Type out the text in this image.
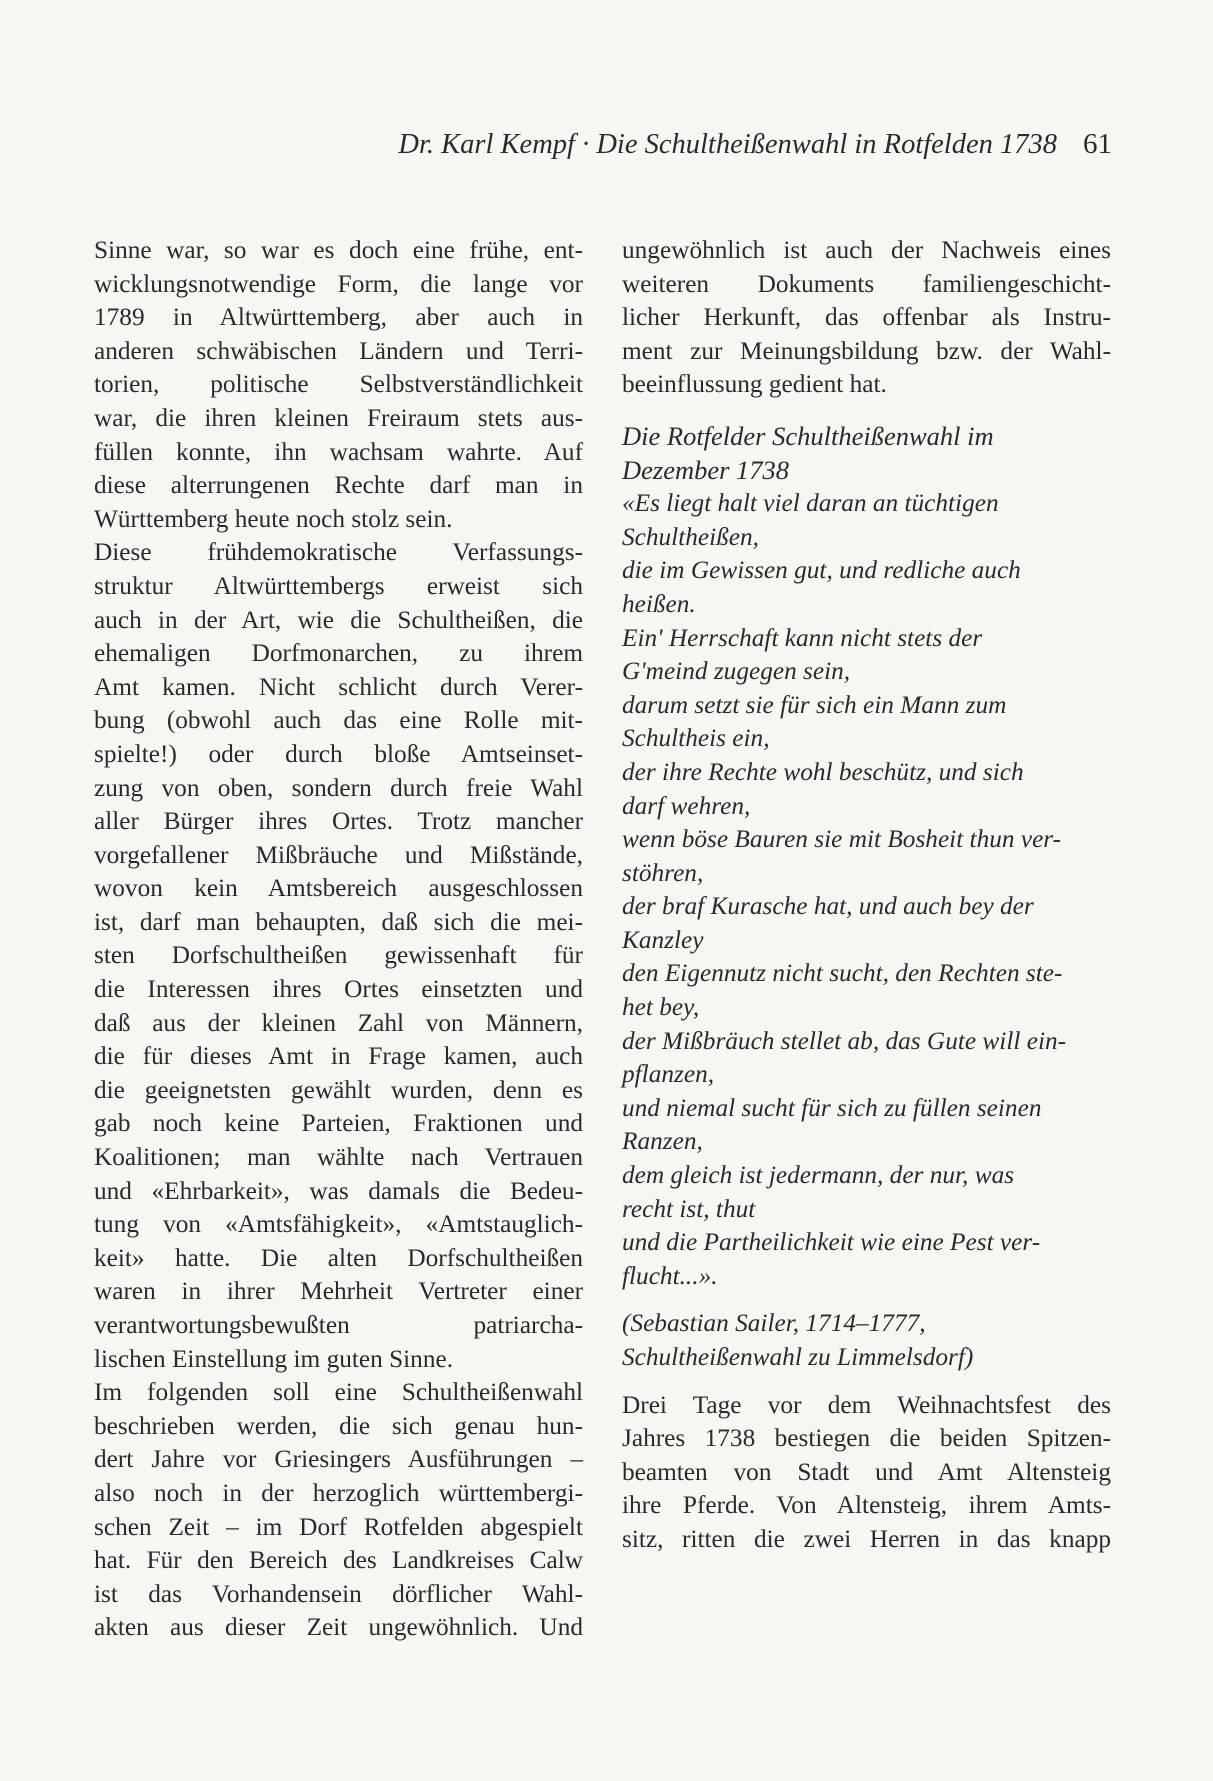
Dr. Karl Kempf · Die Schultheißenwahl in Rotfelden 1738 61
Sinne war, so war es doch eine frühe, ent-
wicklungsnotwendige Form, die lange vor
1789 in Altwürttemberg, aber auch in
anderen schwäbischen Ländern und Terri-
torien, politische Selbstverständlichkeit
war, die ihren kleinen Freiraum stets aus-
füllen konnte, ihn wachsam wahrte. Auf
diese alterrungenen Rechte darf man in
Württemberg heute noch stolz sein.
Diese frühdemokratische Verfassungs-
struktur Altwürttembergs erweist sich
auch in der Art, wie die Schultheißen, die
ehemaligen Dorfmonarchen, zu ihrem
Amt kamen. Nicht schlicht durch Verer-
bung (obwohl auch das eine Rolle mit-
spielte!) oder durch bloße Amtseinset-
zung von oben, sondern durch freie Wahl
aller Bürger ihres Ortes. Trotz mancher
vorgefallener Mißbräuche und Mißstände,
wovon kein Amtsbereich ausgeschlossen
ist, darf man behaupten, daß sich die mei-
sten Dorfschultheißen gewissenhaft für
die Interessen ihres Ortes einsetzten und
daß aus der kleinen Zahl von Männern,
die für dieses Amt in Frage kamen, auch
die geeignetsten gewählt wurden, denn es
gab noch keine Parteien, Fraktionen und
Koalitionen; man wählte nach Vertrauen
und «Ehrbarkeit», was damals die Bedeu-
tung von «Amtsfähigkeit», «Amtstauglich-
keit» hatte. Die alten Dorfschultheißen
waren in ihrer Mehrheit Vertreter einer
verantwortungsbewußten patriarcha-
lischen Einstellung im guten Sinne.
Im folgenden soll eine Schultheißenwahl
beschrieben werden, die sich genau hun-
dert Jahre vor Griesingers Ausführungen –
also noch in der herzoglich württembergi-
schen Zeit – im Dorf Rotfelden abgespielt
hat. Für den Bereich des Landkreises Calw
ist das Vorhandensein dörflicher Wahl-
akten aus dieser Zeit ungewöhnlich. Und
ungewöhnlich ist auch der Nachweis eines
weiteren Dokuments familiengeschicht-
licher Herkunft, das offenbar als Instru-
ment zur Meinungsbildung bzw. der Wahl-
beeinflussung gedient hat.
Die Rotfelder Schultheißenwahl im
Dezember 1738
«Es liegt halt viel daran an tüchtigen
Schultheißen,
die im Gewissen gut, und redliche auch
heißen.
Ein' Herrschaft kann nicht stets der
G'meind zugegen sein,
darum setzt sie für sich ein Mann zum
Schultheis ein,
der ihre Rechte wohl beschütz, und sich
darf wehren,
wenn böse Bauren sie mit Bosheit thun ver-
stöhren,
der braf Kurasche hat, und auch bey der
Kanzley
den Eigennutz nicht sucht, den Rechten ste-
het bey,
der Mißbräuch stellet ab, das Gute will ein-
pflanzen,
und niemal sucht für sich zu füllen seinen
Ranzen,
dem gleich ist jedermann, der nur, was
recht ist, thut
und die Partheilichkeit wie eine Pest ver-
flucht...».
(Sebastian Sailer, 1714–1777,
Schultheißenwahl zu Limmelsdorf)
Drei Tage vor dem Weihnachtsfest des
Jahres 1738 bestiegen die beiden Spitzen-
beamten von Stadt und Amt Altensteig
ihre Pferde. Von Altensteig, ihrem Amts-
sitz, ritten die zwei Herren in das knapp
